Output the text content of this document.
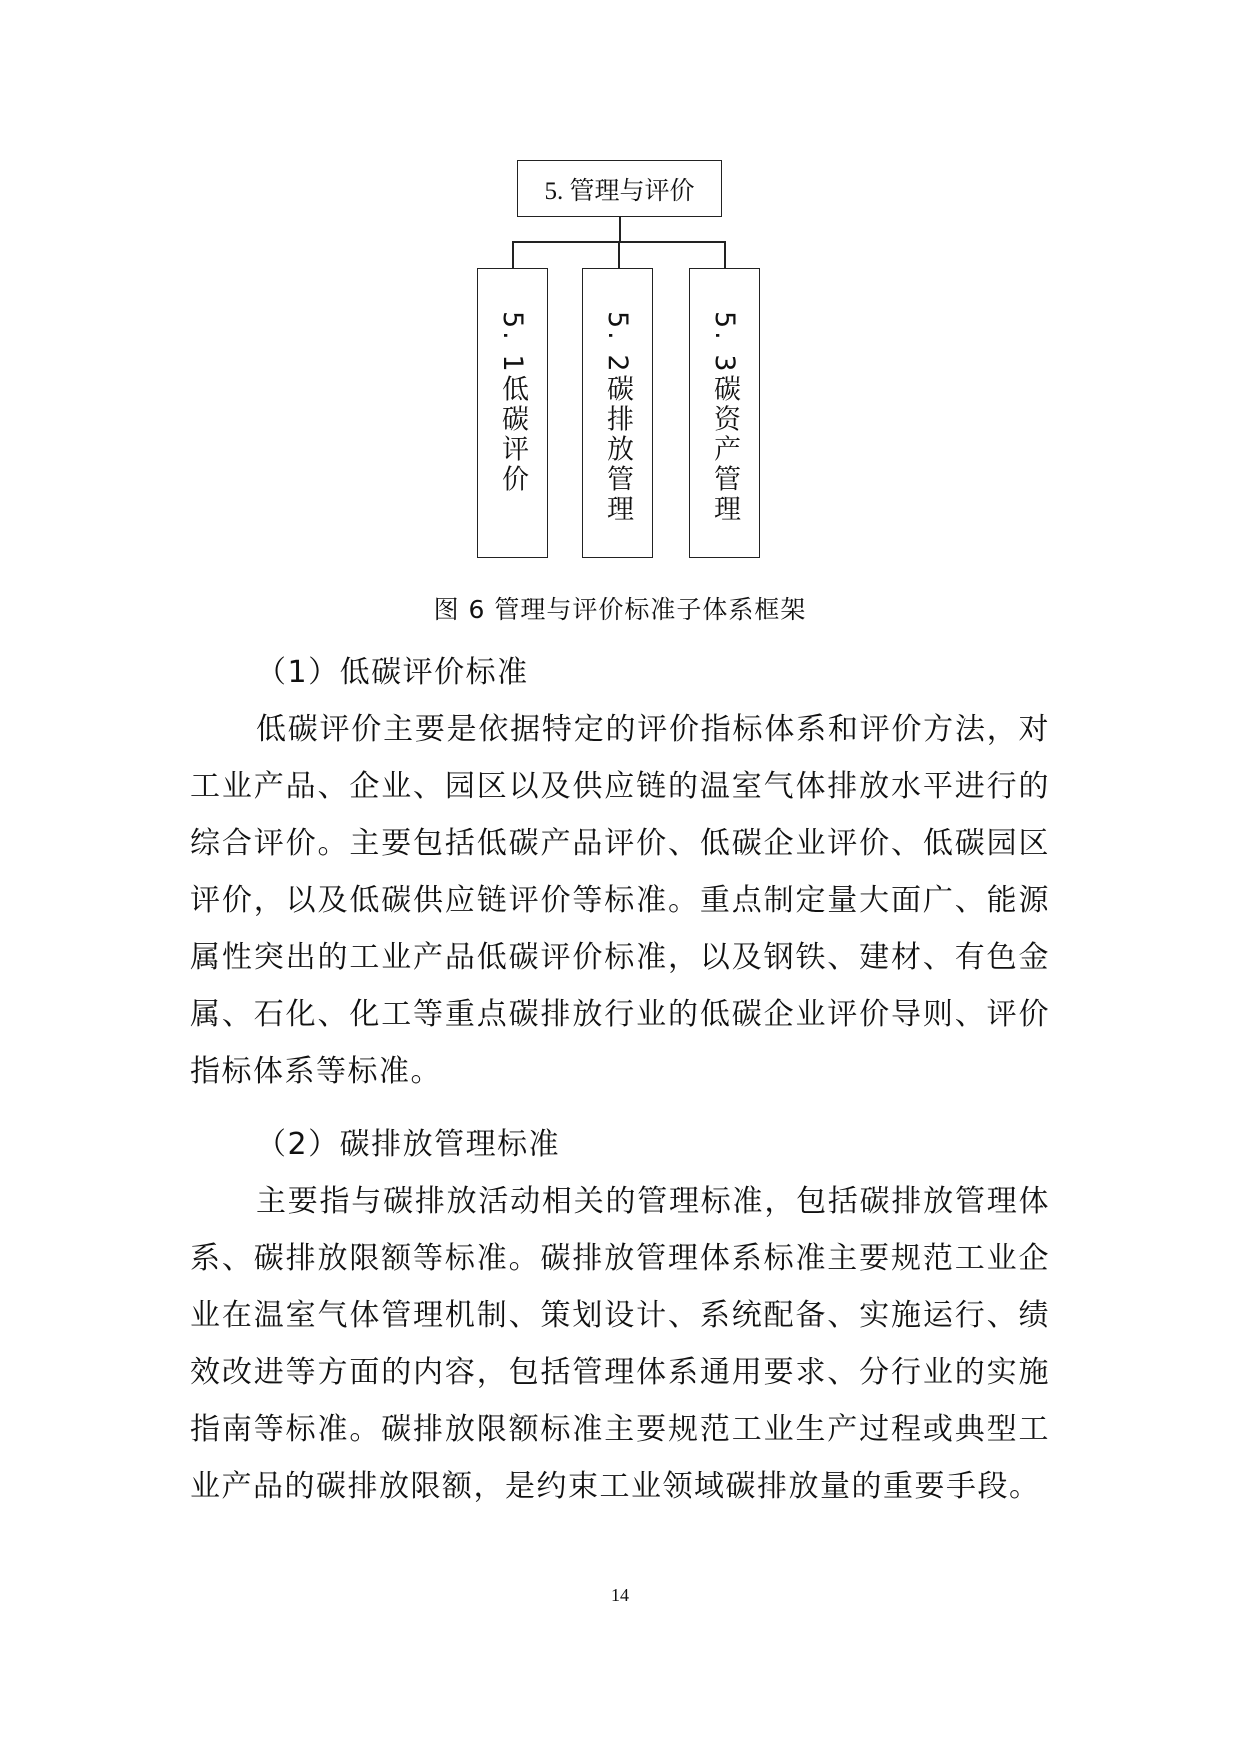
5. 管理与评价
5. 1低碳评价	5. 2碳排放管理	5. 3碳资产管理
图 6 管理与评价标准子体系框架
（1）低碳评价标准
低碳评价主要是依据特定的评价指标体系和评价方法，对工业产品、企业、园区以及供应链的温室气体排放水平进行的综合评价。主要包括低碳产品评价、低碳企业评价、低碳园区评价，以及低碳供应链评价等标准。重点制定量大面广、能源属性突出的工业产品低碳评价标准，以及钢铁、建材、有色金属、石化、化工等重点碳排放行业的低碳企业评价导则、评价指标体系等标准。
（2）碳排放管理标准
主要指与碳排放活动相关的管理标准，包括碳排放管理体系、碳排放限额等标准。碳排放管理体系标准主要规范工业企业在温室气体管理机制、策划设计、系统配备、实施运行、绩效改进等方面的内容，包括管理体系通用要求、分行业的实施指南等标准。碳排放限额标准主要规范工业生产过程或典型工业产品的碳排放限额，是约束工业领域碳排放量的重要手段。
14
